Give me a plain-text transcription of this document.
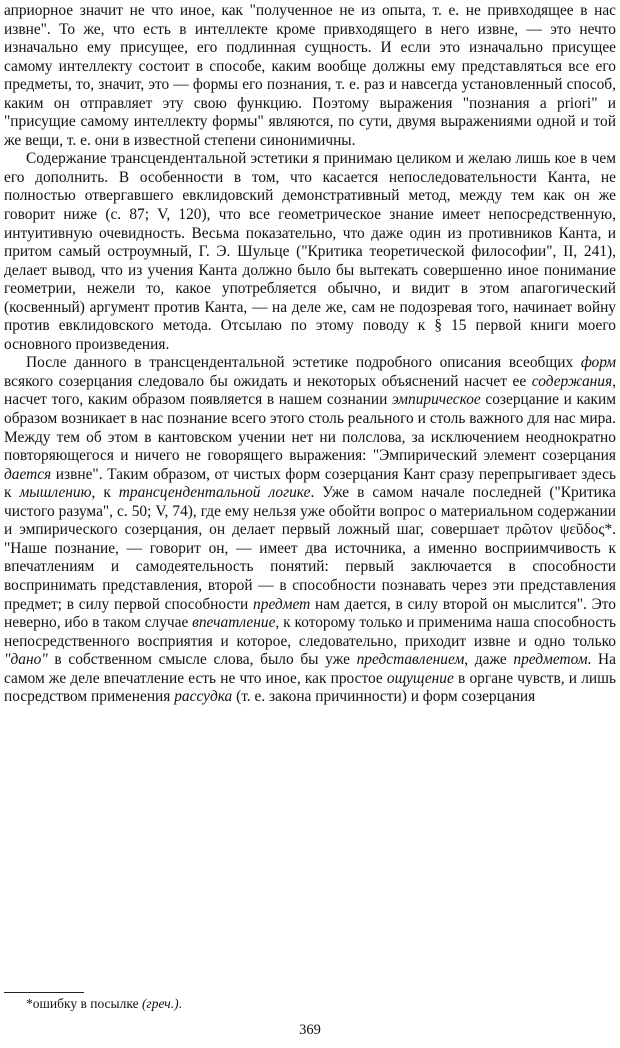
априорное значит не что иное, как "полученное не из опыта, т. е. не привходящее в нас извне". То же, что есть в интеллекте кроме привходящего в него извне, — это нечто изначально ему присущее, его подлинная сущность. И если это изначально присущее самому интеллекту состоит в способе, каким вообще должны ему представляться все его предметы, то, значит, это — формы его познания, т. е. раз и навсегда установленный способ, каким он отправляет эту свою функцию. Поэтому выражения "познания а priori" и "присущие самому интеллекту формы" являются, по сути, двумя выражениями одной и той же вещи, т. е. они в известной степени синонимичны.

Содержание трансцендентальной эстетики я принимаю целиком и желаю лишь кое в чем его дополнить. В особенности в том, что касается непоследовательности Канта, не полностью отвергавшего евклидовский демонстративный метод, между тем как он же говорит ниже (с. 87; V, 120), что все геометрическое знание имеет непосредственную, интуитивную очевидность. Весьма показательно, что даже один из противников Канта, и притом самый остроумный, Г. Э. Шульце ("Критика теоретической философии", II, 241), делает вывод, что из учения Канта должно было бы вытекать совершенно иное понимание геометрии, нежели то, какое употребляется обычно, и видит в этом апагогический (косвенный) аргумент против Канта, — на деле же, сам не подозревая того, начинает войну против евклидовского метода. Отсылаю по этому поводу к § 15 первой книги моего основного произведения.

После данного в трансцендентальной эстетике подробного описания всеобщих форм всякого созерцания следовало бы ожидать и некоторых объяснений насчет ее содержания, насчет того, каким образом появляется в нашем сознании эмпирическое созерцание и каким образом возникает в нас познание всего этого столь реального и столь важного для нас мира. Между тем об этом в кантовском учении нет ни полслова, за исключением неоднократно повторяющегося и ничего не говорящего выражения: "Эмпирический элемент созерцания дается извне". Таким образом, от чистых форм созерцания Кант сразу перепрыгивает здесь к мышлению, к трансцендентальной логике. Уже в самом начале последней ("Критика чистого разума", с. 50; V, 74), где ему нельзя уже обойти вопрос о материальном содержании и эмпирического созерцания, он делает первый ложный шаг, совершает πρῶτον ψεῦδος*. "Наше познание, — говорит он, — имеет два источника, а именно восприимчивость к впечатлениям и самодеятельность понятий: первый заключается в способности воспринимать представления, второй — в способности познавать через эти представления предмет; в силу первой способности предмет нам дается, в силу второй он мыслится". Это неверно, ибо в таком случае впечатление, к которому только и применима наша способность непосредственного восприятия и которое, следовательно, приходит извне и одно только "дано" в собственном смысле слова, было бы уже представлением, даже предметом. На самом же деле впечатление есть не что иное, как простое ощущение в органе чувств, и лишь посредством применения рассудка (т. е. закона причинности) и форм созерцания

*ошибку в посылке (греч.).
369
